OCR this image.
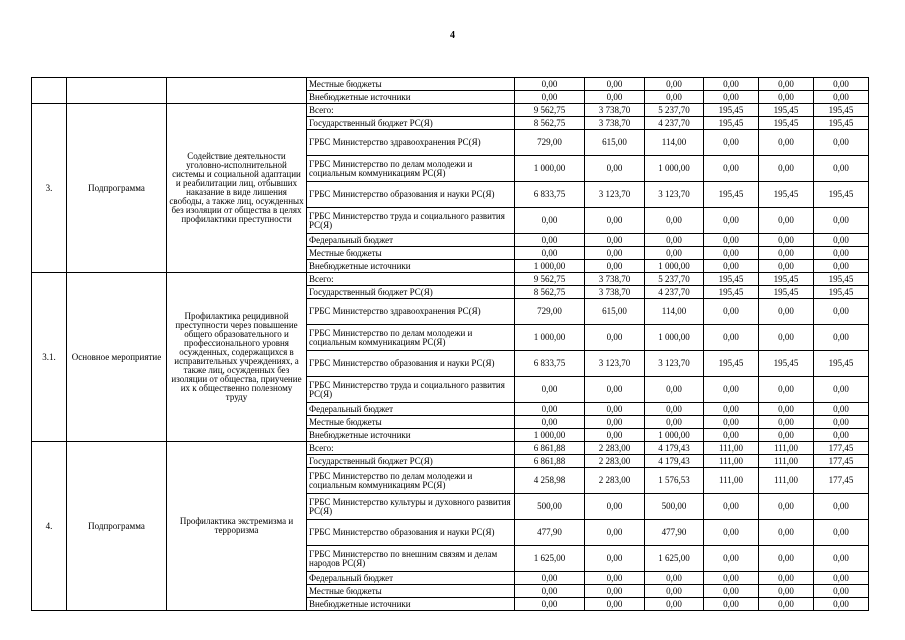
4
			Местные бюджеты	0,00	0,00	0,00	0,00	0,00	0,00
			Внебюджетные источники	0,00	0,00	0,00	0,00	0,00	0,00
3.	Подпрограмма	Содействие деятельности уголовно-исполнительной системы и социальной адаптации и реабилитации лиц, отбывших наказание в виде лишения свободы, а также лиц, осужденных без изоляции от общества в целях профилактики преступности	Всего:	9 562,75	3 738,70	5 237,70	195,45	195,45	195,45
			Государственный бюджет РС(Я)	8 562,75	3 738,70	4 237,70	195,45	195,45	195,45
			ГРБС Министерство здравоохранения РС(Я)	729,00	615,00	114,00	0,00	0,00	0,00
			ГРБС Министерство по делам молодежи и социальным коммуникациям РС(Я)	1 000,00	0,00	1 000,00	0,00	0,00	0,00
			ГРБС Министерство образования и науки РС(Я)	6 833,75	3 123,70	3 123,70	195,45	195,45	195,45
			ГРБС Министерство труда и социального развития РС(Я)	0,00	0,00	0,00	0,00	0,00	0,00
			Федеральный бюджет	0,00	0,00	0,00	0,00	0,00	0,00
			Местные бюджеты	0,00	0,00	0,00	0,00	0,00	0,00
			Внебюджетные источники	1 000,00	0,00	1 000,00	0,00	0,00	0,00
3.1.	Основное мероприятие	Профилактика рецидивной преступности через повышение общего образовательного и профессионального уровня осужденных, содержащихся в исправительных учреждениях, а также лиц, осужденных без изоляции от общества, приучение их к общественно полезному труду	Всего:	9 562,75	3 738,70	5 237,70	195,45	195,45	195,45
			Государственный бюджет РС(Я)	8 562,75	3 738,70	4 237,70	195,45	195,45	195,45
			ГРБС Министерство здравоохранения РС(Я)	729,00	615,00	114,00	0,00	0,00	0,00
			ГРБС Министерство по делам молодежи и социальным коммуникациям РС(Я)	1 000,00	0,00	1 000,00	0,00	0,00	0,00
			ГРБС Министерство образования и науки РС(Я)	6 833,75	3 123,70	3 123,70	195,45	195,45	195,45
			ГРБС Министерство труда и социального развития РС(Я)	0,00	0,00	0,00	0,00	0,00	0,00
			Федеральный бюджет	0,00	0,00	0,00	0,00	0,00	0,00
			Местные бюджеты	0,00	0,00	0,00	0,00	0,00	0,00
			Внебюджетные источники	1 000,00	0,00	1 000,00	0,00	0,00	0,00
4.	Подпрограмма	Профилактика экстремизма и терроризма	Всего:	6 861,88	2 283,00	4 179,43	111,00	111,00	177,45
			Государственный бюджет РС(Я)	6 861,88	2 283,00	4 179,43	111,00	111,00	177,45
			ГРБС Министерство по делам молодежи и социальным коммуникациям РС(Я)	4 258,98	2 283,00	1 576,53	111,00	111,00	177,45
			ГРБС Министерство культуры и духовного развития РС(Я)	500,00	0,00	500,00	0,00	0,00	0,00
			ГРБС Министерство образования и науки РС(Я)	477,90	0,00	477,90	0,00	0,00	0,00
			ГРБС Министерство по внешним связям и делам народов РС(Я)	1 625,00	0,00	1 625,00	0,00	0,00	0,00
			Федеральный бюджет	0,00	0,00	0,00	0,00	0,00	0,00
			Местные бюджеты	0,00	0,00	0,00	0,00	0,00	0,00
			Внебюджетные источники	0,00	0,00	0,00	0,00	0,00	0,00
